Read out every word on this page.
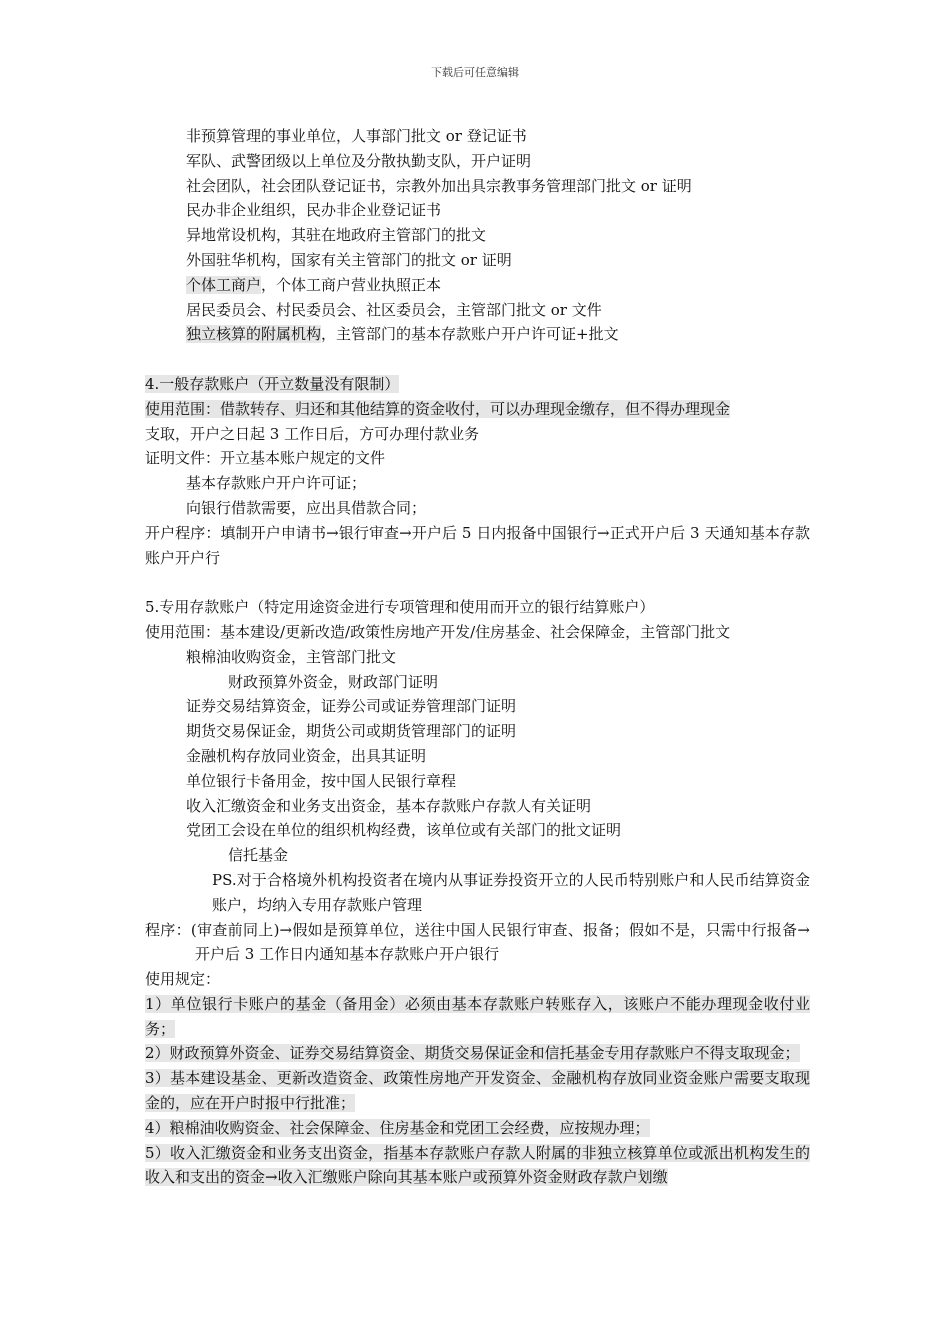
下载后可任意编辑
非预算管理的事业单位，人事部门批文 or 登记证书
军队、武警团级以上单位及分散执勤支队，开户证明
社会团队，社会团队登记证书，宗教外加出具宗教事务管理部门批文 or 证明
民办非企业组织，民办非企业登记证书
异地常设机构，其驻在地政府主管部门的批文
外国驻华机构，国家有关主管部门的批文 or 证明
个体工商户，个体工商户营业执照正本
居民委员会、村民委员会、社区委员会，主管部门批文 or 文件
独立核算的附属机构，主管部门的基本存款账户开户许可证+批文
4.一般存款账户（开立数量没有限制）
使用范围：借款转存、归还和其他结算的资金收付，可以办理现金缴存，但不得办理现金
支取，开户之日起 3 工作日后，方可办理付款业务
证明文件：开立基本账户规定的文件
基本存款账户开户许可证；
向银行借款需要，应出具借款合同；
开户程序：填制开户申请书→银行审查→开户后 5 日内报备中国银行→正式开户后 3 天通知基本存款账户开户行
5.专用存款账户（特定用途资金进行专项管理和使用而开立的银行结算账户）
使用范围：基本建设/更新改造/政策性房地产开发/住房基金、社会保障金，主管部门批文
粮棉油收购资金，主管部门批文
财政预算外资金，财政部门证明
证券交易结算资金，证券公司或证券管理部门证明
期货交易保证金，期货公司或期货管理部门的证明
金融机构存放同业资金，出具其证明
单位银行卡备用金，按中国人民银行章程
收入汇缴资金和业务支出资金，基本存款账户存款人有关证明
党团工会设在单位的组织机构经费，该单位或有关部门的批文证明
信托基金
PS.对于合格境外机构投资者在境内从事证券投资开立的人民币特别账户和人民币结算资金账户，均纳入专用存款账户管理
程序：(审查前同上)→假如是预算单位，送往中国人民银行审查、报备；假如不是，只需中行报备→开户后 3 工作日内通知基本存款账户开户银行
使用规定：
1）单位银行卡账户的基金（备用金）必须由基本存款账户转账存入，该账户不能办理现金收付业务；
2）财政预算外资金、证券交易结算资金、期货交易保证金和信托基金专用存款账户不得支取现金；
3）基本建设基金、更新改造资金、政策性房地产开发资金、金融机构存放同业资金账户需要支取现金的，应在开户时报中行批准；
4）粮棉油收购资金、社会保障金、住房基金和党团工会经费，应按规办理；
5）收入汇缴资金和业务支出资金，指基本存款账户存款人附属的非独立核算单位或派出机构发生的收入和支出的资金→收入汇缴账户除向其基本账户或预算外资金财政存款户划缴
